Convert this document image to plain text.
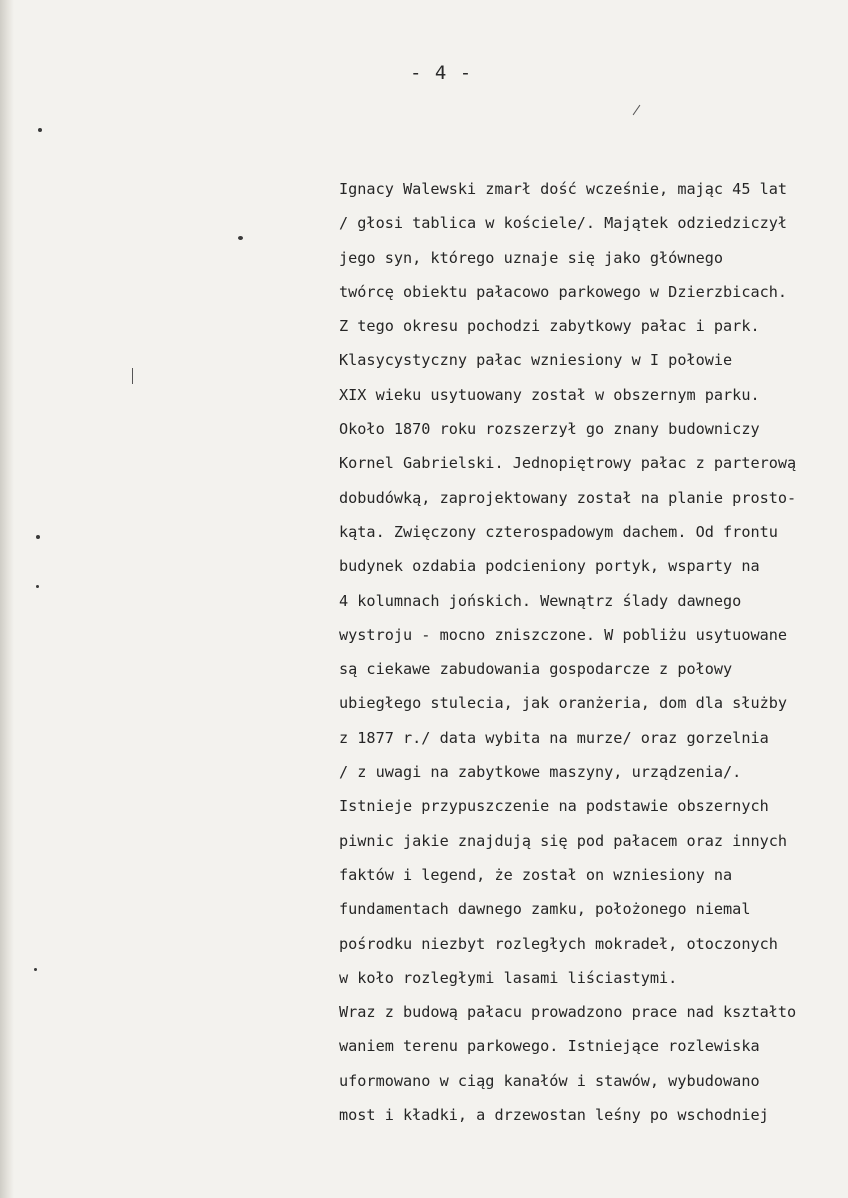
- 4 -
Ignacy Walewski zmarł dość wcześnie, mając 45 lat
/ głosi tablica w kościele/. Majątek odziedziczył
jego syn, którego uznaje się jako głównego
twórcę obiektu pałacowo parkowego w Dzierzbicach.
Z tego okresu pochodzi zabytkowy pałac i park.
Klasycystyczny pałac wzniesiony w I połowie
XIX wieku usytuowany został w obszernym parku.
Około 1870 roku rozszerzył go znany budowniczy
Kornel Gabrielski. Jednopiętrowy pałac z parterową
dobudówką, zaprojektowany został na planie prosto-
kąta. Zwięczony czterospadowym dachem. Od frontu
budynek ozdabia podcieniony portyk, wsparty na
4 kolumnach jońskich. Wewnątrz ślady dawnego
wystroju - mocno zniszczone. W pobliżu usytuowane
są ciekawe zabudowania gospodarcze z połowy
ubiegłego stulecia, jak oranżeria, dom dla służby
z 1877 r./ data wybita na murze/ oraz gorzelnia
/ z uwagi na zabytkowe maszyny, urządzenia/.
Istnieje przypuszczenie na podstawie obszernych
piwnic jakie znajdują się pod pałacem oraz innych
faktów i legend, że został on wzniesiony na
fundamentach dawnego zamku, położonego niemal
pośrodku niezbyt rozległych mokradeł, otoczonych
w koło rozległymi lasami liściastymi.
Wraz z budową pałacu prowadzono prace nad kształto
waniem terenu parkowego. Istniejące rozlewiska
uformowano w ciąg kanałów i stawów, wybudowano
most i kładki, a drzewostan leśny po wschodniej
